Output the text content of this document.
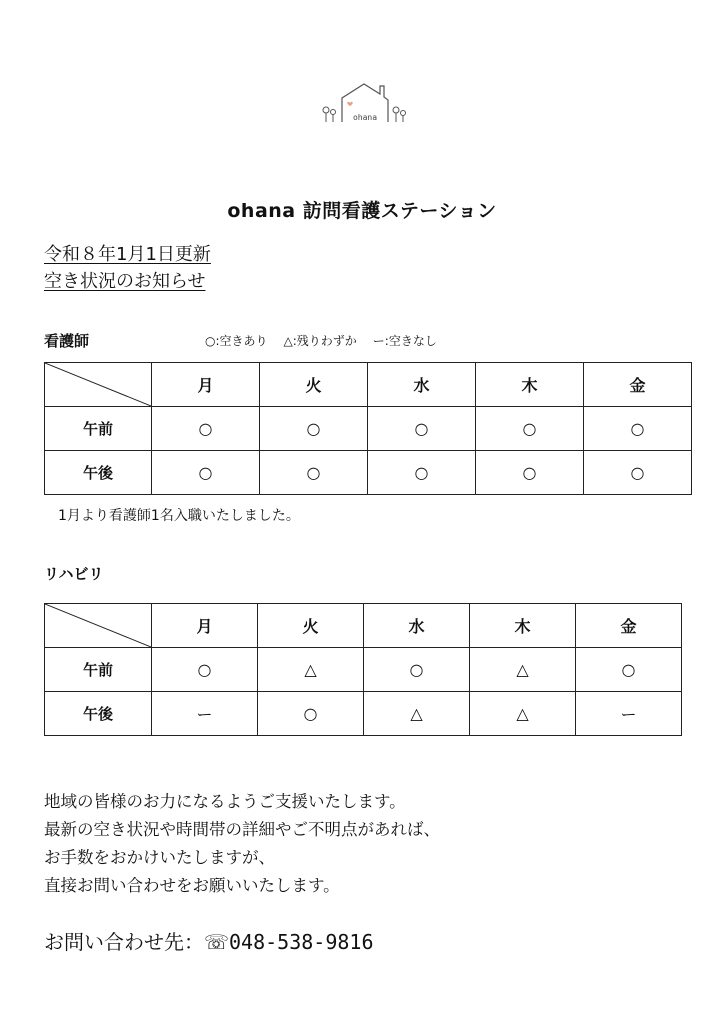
ohana
ohana 訪問看護ステーション
令和８年1月1日更新
空き状況のお知らせ
看護師	○:空きあり △:残りわずか ー:空きなし
	月	火	水	木	金
午前	○	○	○	○	○
午後	○	○	○	○	○
1月より看護師1名入職いたしました。
リハビリ
	月	火	水	木	金
午前	○	△	○	△	○
午後	ー	○	△	△	ー
地域の皆様のお力になるようご支援いたします。
最新の空き状況や時間帯の詳細やご不明点があれば、
お手数をおかけいたしますが、
直接お問い合わせをお願いいたします。
お問い合わせ先： ☏ 048-538-9816
